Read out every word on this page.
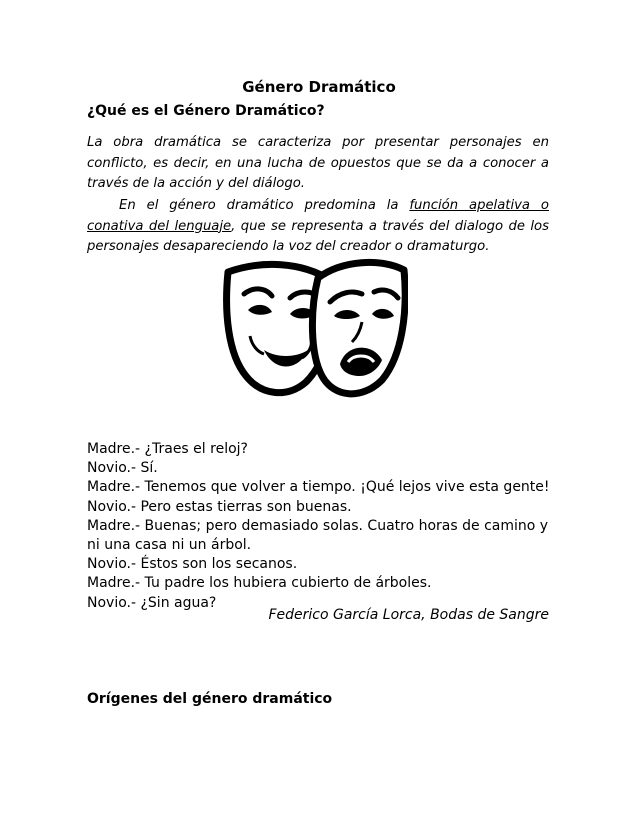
Género Dramático
¿Qué es el Género Dramático?
La obra dramática se caracteriza por presentar personajes en conflicto, es decir, en una lucha de opuestos que se da a conocer a través de la acción y del diálogo.
En el género dramático predomina la función apelativa o conativa del lenguaje, que se representa a través del dialogo de los personajes desapareciendo la voz del creador o dramaturgo.
Madre.- ¿Traes el reloj?
Novio.- Sí.
Madre.- Tenemos que volver a tiempo. ¡Qué lejos vive esta gente!
Novio.- Pero estas tierras son buenas.
Madre.- Buenas; pero demasiado solas. Cuatro horas de camino y ni una casa ni un árbol.
Novio.- Éstos son los secanos.
Madre.- Tu padre los hubiera cubierto de árboles.
Novio.- ¿Sin agua?
Federico García Lorca, Bodas de Sangre
Orígenes del género dramático
